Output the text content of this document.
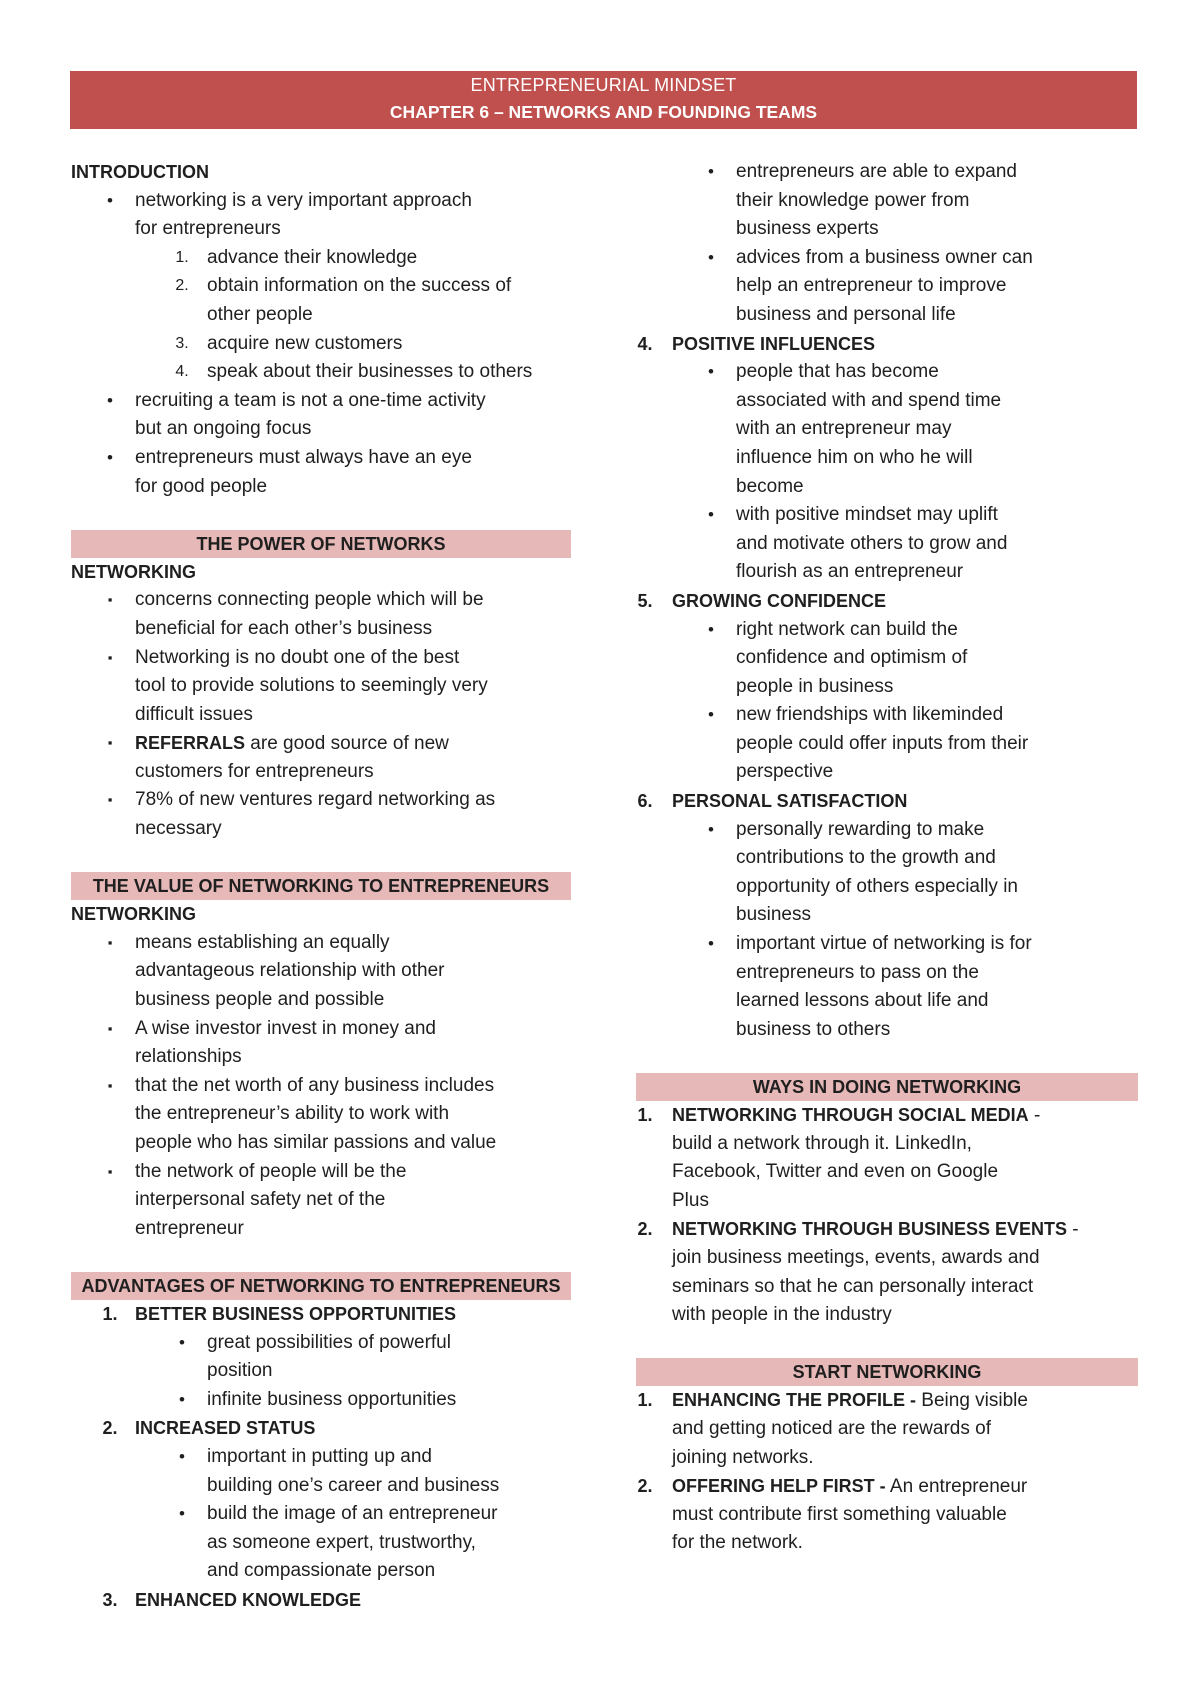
ENTREPRENEURIAL MINDSET
CHAPTER 6 – NETWORKS AND FOUNDING TEAMS
INTRODUCTION
•	networking is a very important approach
for entrepreneurs
1. advance their knowledge
2. obtain information on the success of
other people
3. acquire new customers
4. speak about their businesses to others
•	recruiting a team is not a one-time activity
but an ongoing focus
•	entrepreneurs must always have an eye
for good people
THE POWER OF NETWORKS
NETWORKING
▪	concerns connecting people which will be
beneficial for each other’s business
▪	Networking is no doubt one of the best
tool to provide solutions to seemingly very
difficult issues
▪	REFERRALS are good source of new
customers for entrepreneurs
▪	78% of new ventures regard networking as
necessary
THE VALUE OF NETWORKING TO ENTREPRENEURS
NETWORKING
▪	means establishing an equally
advantageous relationship with other
business people and possible
▪	A wise investor invest in money and
relationships
▪	that the net worth of any business includes
the entrepreneur’s ability to work with
people who has similar passions and value
▪	the network of people will be the
interpersonal safety net of the
entrepreneur
ADVANTAGES OF NETWORKING TO ENTREPRENEURS
1. BETTER BUSINESS OPPORTUNITIES
•	great possibilities of powerful
position
•	infinite business opportunities
2. INCREASED STATUS
•	important in putting up and
building one’s career and business
•	build the image of an entrepreneur
as someone expert, trustworthy,
and compassionate person
3. ENHANCED KNOWLEDGE
•	entrepreneurs are able to expand
their knowledge power from
business experts
•	advices from a business owner can
help an entrepreneur to improve
business and personal life
4. POSITIVE INFLUENCES
•	people that has become
associated with and spend time
with an entrepreneur may
influence him on who he will
become
•	with positive mindset may uplift
and motivate others to grow and
flourish as an entrepreneur
5. GROWING CONFIDENCE
•	right network can build the
confidence and optimism of
people in business
•	new friendships with likeminded
people could offer inputs from their
perspective
6. PERSONAL SATISFACTION
•	personally rewarding to make
contributions to the growth and
opportunity of others especially in
business
•	important virtue of networking is for
entrepreneurs to pass on the
learned lessons about life and
business to others
WAYS IN DOING NETWORKING
1. NETWORKING THROUGH SOCIAL MEDIA -
build a network through it. LinkedIn,
Facebook, Twitter and even on Google
Plus
2. NETWORKING THROUGH BUSINESS EVENTS -
join business meetings, events, awards and
seminars so that he can personally interact
with people in the industry
START NETWORKING
1. ENHANCING THE PROFILE - Being visible
and getting noticed are the rewards of
joining networks.
2. OFFERING HELP FIRST - An entrepreneur
must contribute first something valuable
for the network.
